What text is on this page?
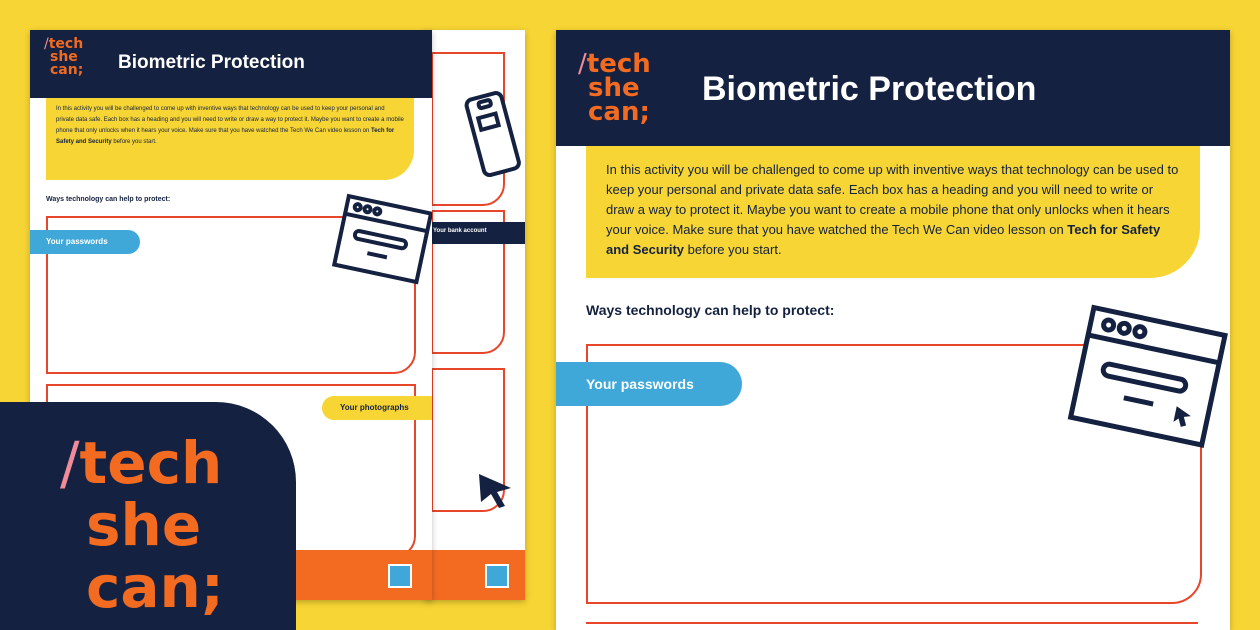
Your bank account
/tech
she
can; Biometric Protection
In this activity you will be challenged to come up with inventive ways that technology can be used to keep your personal and private data safe. Each box has a heading and you will need to write or draw a way to protect it. Maybe you want to create a mobile phone that only unlocks when it hears your voice. Make sure that you have watched the Tech We Can video lesson on Tech for Safety and Security before you start.
Ways technology can help to protect:
Your passwords
Your photographs
/tech
she
can;
/tech
she
can;
Biometric Protection
In this activity you will be challenged to come up with inventive ways that technology can be used to keep your personal and private data safe. Each box has a heading and you will need to write or draw a way to protect it. Maybe you want to create a mobile phone that only unlocks when it hears your voice. Make sure that you have watched the Tech We Can video lesson on Tech for Safety and Security before you start.
Ways technology can help to protect:
Your passwords
